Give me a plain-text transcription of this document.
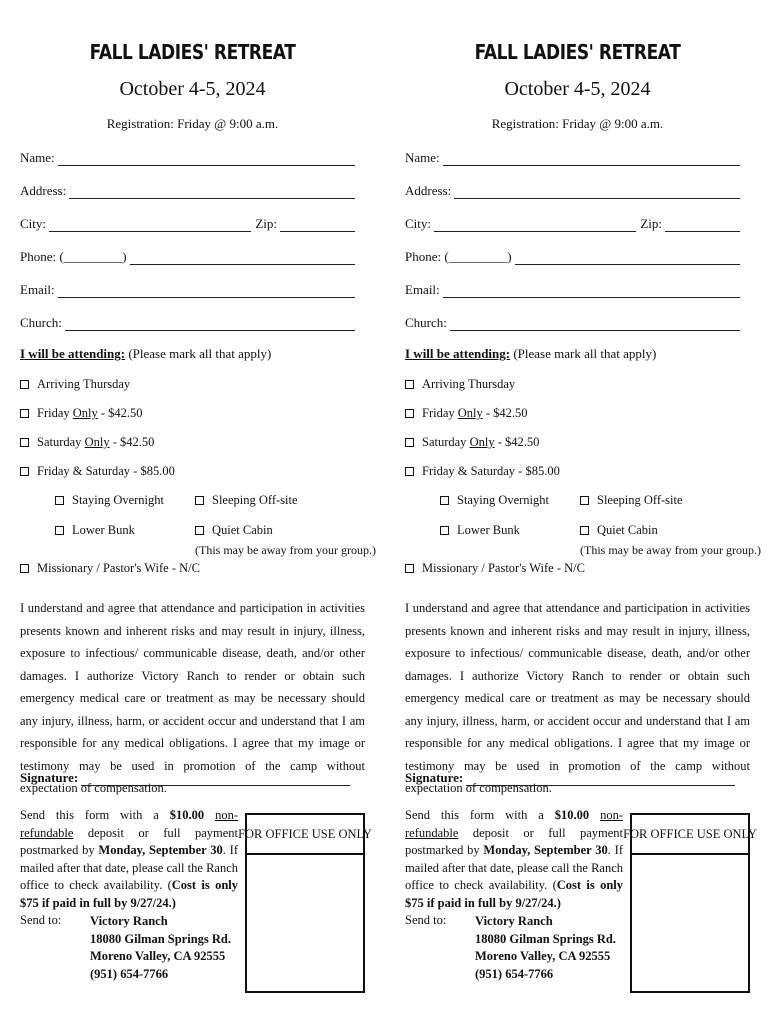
FALL LADIES' RETREAT
October 4-5, 2024
Registration: Friday @ 9:00 a.m.
Name:
Address:
City:	Zip:
Phone: (_________)
Email:
Church:
I will be attending: (Please mark all that apply)
Arriving Thursday
Friday Only - $42.50
Saturday Only - $42.50
Friday & Saturday - $85.00
Staying Overnight	Sleeping Off-site
Lower Bunk	Quiet Cabin
(This may be away from your group.)
Missionary / Pastor's Wife - N/C
I understand and agree that attendance and participation in activities presents known and inherent risks and may result in injury, illness, exposure to infectious/ communicable disease, death, and/or other damages. I authorize Victory Ranch to render or obtain such emergency medical care or treatment as may be necessary should any injury, illness, harm, or accident occur and understand that I am responsible for any medical obligations. I agree that my image or testimony may be used in promotion of the camp without expectation of compensation.
Signature:
Send this form with a $10.00 non-refundable deposit or full payment postmarked by Monday, September 30. If mailed after that date, please call the Ranch office to check availability. (Cost is only $75 if paid in full by 9/27/24.)
Send to: Victory Ranch
18080 Gilman Springs Rd.
Moreno Valley, CA 92555
(951) 654-7766
FOR OFFICE USE ONLY
FALL LADIES' RETREAT
October 4-5, 2024
Registration: Friday @ 9:00 a.m.
Name:
Address:
City:	Zip:
Phone: (_________)
Email:
Church:
I will be attending: (Please mark all that apply)
Arriving Thursday
Friday Only - $42.50
Saturday Only - $42.50
Friday & Saturday - $85.00
Staying Overnight	Sleeping Off-site
Lower Bunk	Quiet Cabin
(This may be away from your group.)
Missionary / Pastor's Wife - N/C
I understand and agree that attendance and participation in activities presents known and inherent risks and may result in injury, illness, exposure to infectious/ communicable disease, death, and/or other damages. I authorize Victory Ranch to render or obtain such emergency medical care or treatment as may be necessary should any injury, illness, harm, or accident occur and understand that I am responsible for any medical obligations. I agree that my image or testimony may be used in promotion of the camp without expectation of compensation.
Signature:
Send this form with a $10.00 non-refundable deposit or full payment postmarked by Monday, September 30. If mailed after that date, please call the Ranch office to check availability. (Cost is only $75 if paid in full by 9/27/24.)
Send to: Victory Ranch
18080 Gilman Springs Rd.
Moreno Valley, CA 92555
(951) 654-7766
FOR OFFICE USE ONLY
